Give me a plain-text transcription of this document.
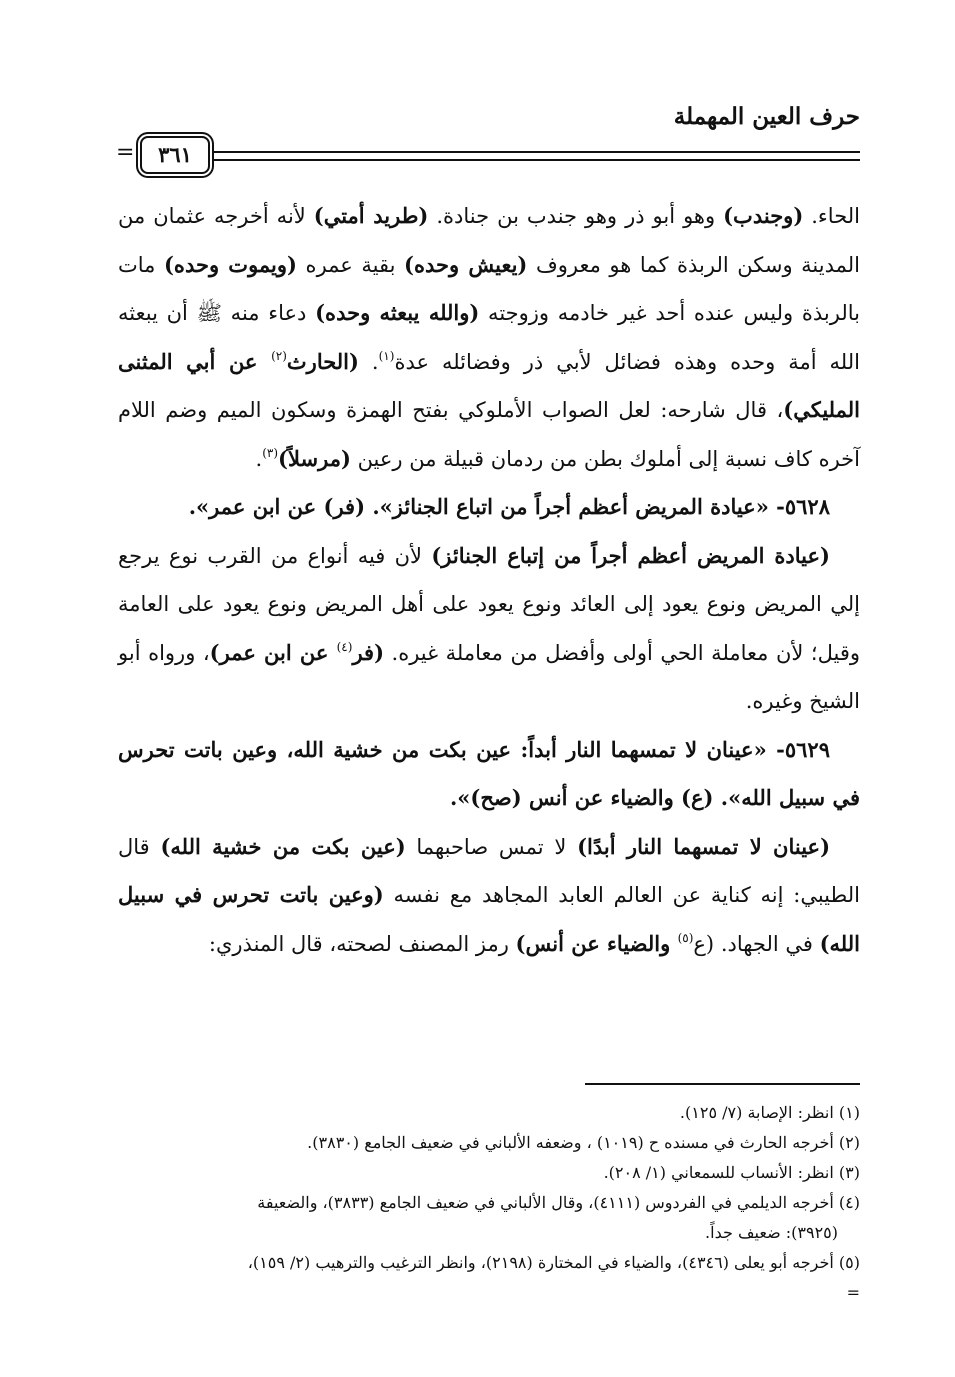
حرف العين المهملة
٣٦١
=

الحاء. (وجندب) وهو أبو ذر وهو جندب بن جنادة. (طريد أمتي) لأنه أخرجه عثمان من المدينة وسكن الربذة كما هو معروف (يعيش وحده) بقية عمره (ويموت وحده) مات بالربذة وليس عنده أحد غير خادمه وزوجته (والله يبعثه وحده) دعاء منه ﷺ أن يبعثه الله أمة وحده وهذه فضائل لأبي ذر وفضائله عدة$^{(١)}$. (الحارث$^{(٢)}$ عن أبي المثنى المليكي)، قال شارحه: لعل الصواب الأملوكي بفتح الهمزة وسكون الميم وضم اللام آخره كاف نسبة إلى أملوك بطن من ردمان قبيلة من رعين (مرسلاً)$^{(٣)}$.

٥٦٢٨- «عيادة المريض أعظم أجراً من اتباع الجنائز». (فر) عن ابن عمر».

(عيادة المريض أعظم أجراً من إتباع الجنائز) لأن فيه أنواع من القرب نوع يرجع إلي المريض ونوع يعود إلى العائد ونوع يعود على أهل المريض ونوع يعود على العامة وقيل؛ لأن معاملة الحي أولى وأفضل من معاملة غيره. (فر$^{(٤)}$ عن ابن عمر)، ورواه أبو الشيخ وغيره.

٥٦٢٩- «عينان لا تمسهما النار أبداً: عين بكت من خشية الله، وعين باتت تحرس في سبيل الله». (ع) والضياء عن أنس (صح)».

(عينان لا تمسهما النار أبدًا) لا تمس صاحبهما (عين بكت من خشية الله) قال الطيبي: إنه كناية عن العالم العابد المجاهد مع نفسه (وعين باتت تحرس في سبيل الله) في الجهاد. (ع$^{(٥)}$ والضياء عن أنس) رمز المصنف لصحته، قال المنذري:

(١) انظر: الإصابة (٧/ ١٢٥).

(٢) أخرجه الحارث في مسنده ح (١٠١٩) ، وضعفه الألباني في ضعيف الجامع (٣٨٣٠).

(٣) انظر: الأنساب للسمعاني (١/ ٢٠٨).

(٤) أخرجه الديلمي في الفردوس (٤١١١)، وقال الألباني في ضعيف الجامع (٣٨٣٣)، والضعيفة

(٣٩٢٥): ضعيف جداً.

(٥) أخرجه أبو يعلى (٤٣٤٦)، والضياء في المختارة (٢١٩٨)، وانظر الترغيب والترهيب (٢/ ١٥٩)،

=
